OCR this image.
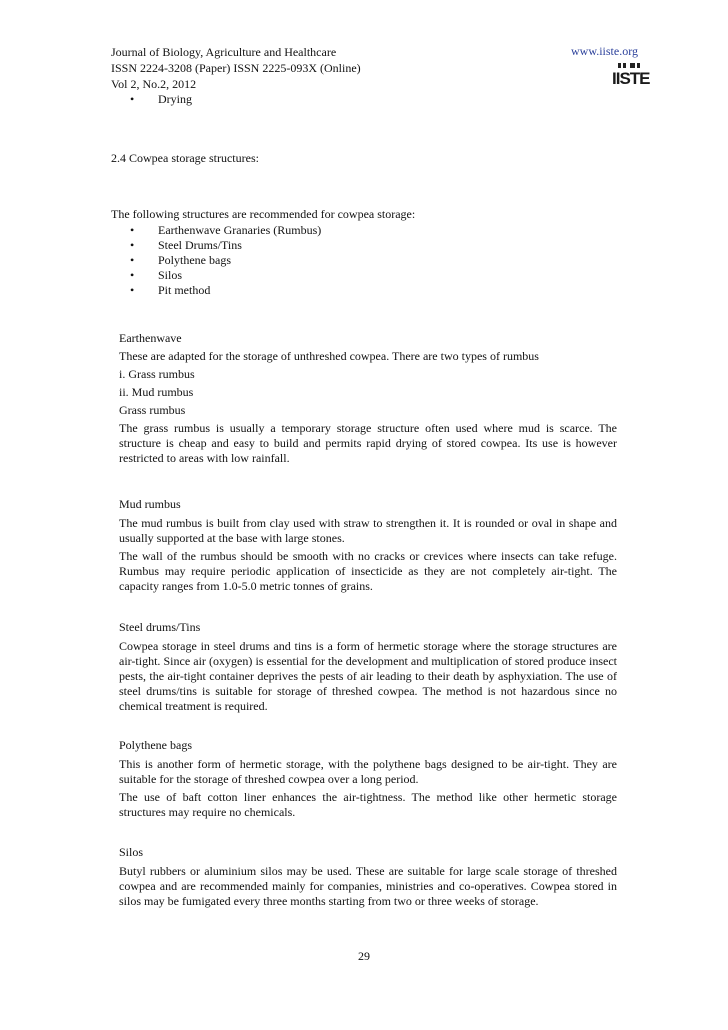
Journal of Biology, Agriculture and Healthcare
ISSN 2224-3208 (Paper) ISSN 2225-093X (Online)
Vol 2, No.2, 2012
www.iiste.org
IISTE
• Drying
2.4 Cowpea storage structures:
The following structures are recommended for cowpea storage:
• Earthenwave Granaries (Rumbus)
• Steel Drums/Tins
• Polythene bags
• Silos
• Pit method

Earthenwave

These are adapted for the storage of unthreshed cowpea. There are two types of rumbus

i. Grass rumbus

ii. Mud rumbus

Grass rumbus

The grass rumbus is usually a temporary storage structure often used where mud is scarce. The structure is cheap and easy to build and permits rapid drying of stored cowpea. Its use is however restricted to areas with low rainfall.

Mud rumbus

The mud rumbus is built from clay used with straw to strengthen it. It is rounded or oval in shape and usually supported at the base with large stones.

The wall of the rumbus should be smooth with no cracks or crevices where insects can take refuge. Rumbus may require periodic application of insecticide as they are not completely air-tight. The capacity ranges from 1.0-5.0 metric tonnes of grains.

Steel drums/Tins

Cowpea storage in steel drums and tins is a form of hermetic storage where the storage structures are air-tight. Since air (oxygen) is essential for the development and multiplication of stored produce insect pests, the air-tight container deprives the pests of air leading to their death by asphyxiation. The use of steel drums/tins is suitable for storage of threshed cowpea. The method is not hazardous since no chemical treatment is required.

Polythene bags

This is another form of hermetic storage, with the polythene bags designed to be air-tight. They are suitable for the storage of threshed cowpea over a long period.

The use of baft cotton liner enhances the air-tightness. The method like other hermetic storage structures may require no chemicals.

Silos

Butyl rubbers or aluminium silos may be used. These are suitable for large scale storage of threshed cowpea and are recommended mainly for companies, ministries and co-operatives. Cowpea stored in silos may be fumigated every three months starting from two or three weeks of storage.

29
